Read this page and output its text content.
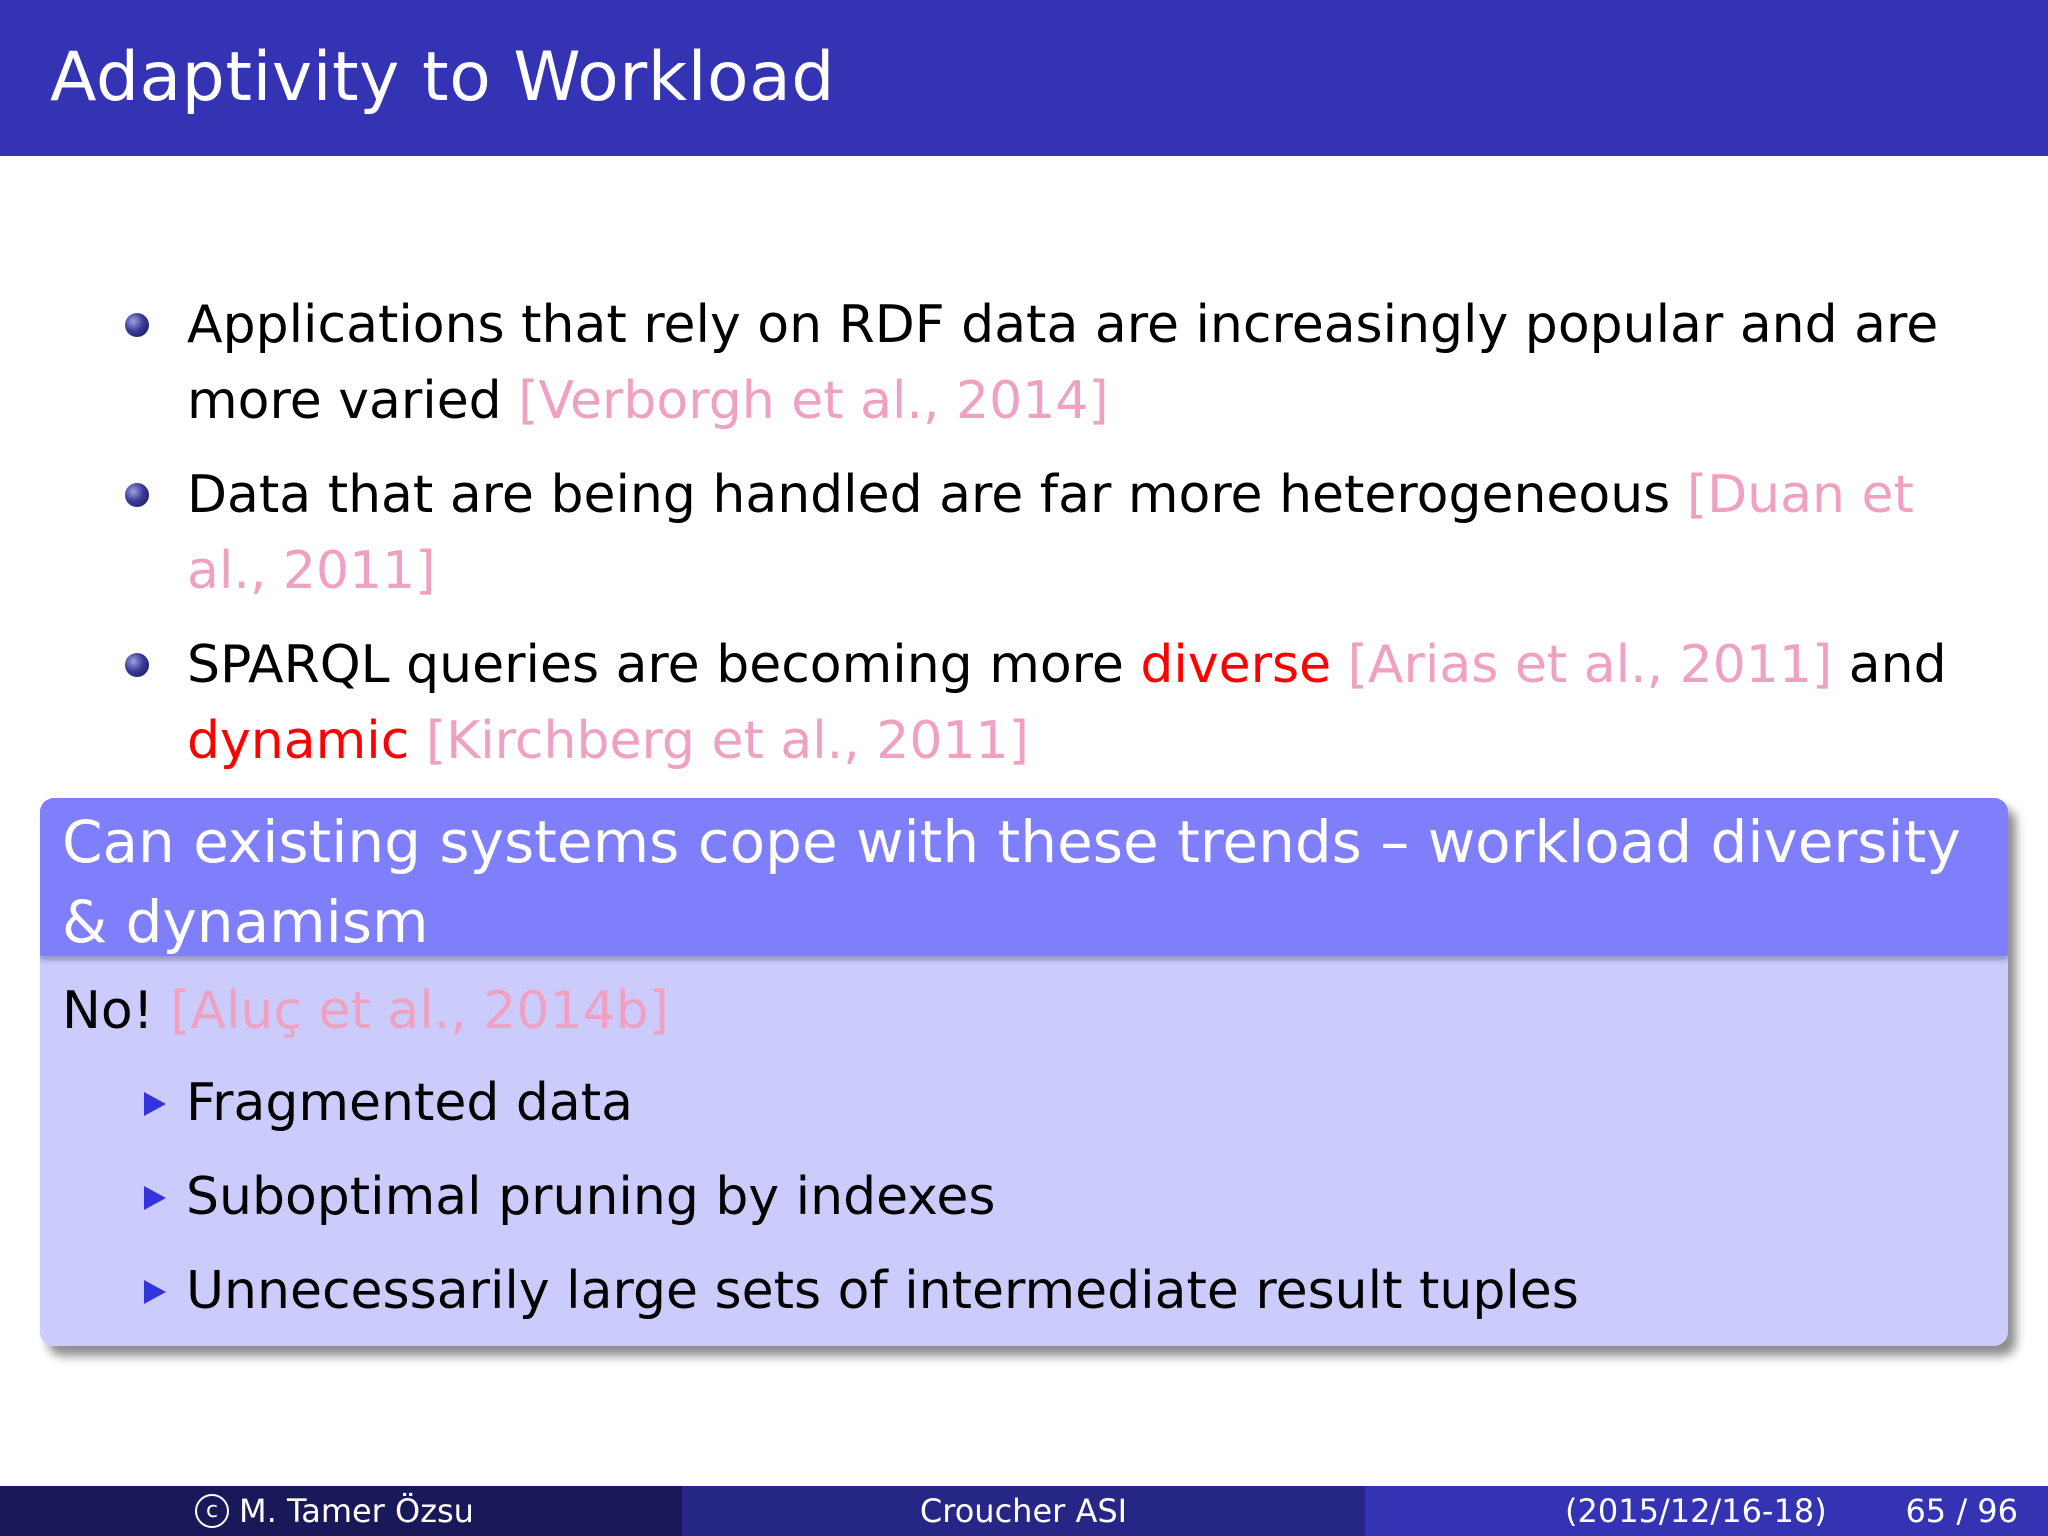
Adaptivity to Workload
Applications that rely on RDF data are increasingly popular and are more varied [Verborgh et al., 2014]
Data that are being handled are far more heterogeneous [Duan et al., 2011]
SPARQL queries are becoming more diverse [Arias et al., 2011] and dynamic [Kirchberg et al., 2011]
Can existing systems cope with these trends – workload diversity & dynamism
No! [Aluç et al., 2014b]
Fragmented data
Suboptimal pruning by indexes
Unnecessarily large sets of intermediate result tuples
c M. Tamer Özsu	Croucher ASI	(2015/12/16-18) 65 / 96
